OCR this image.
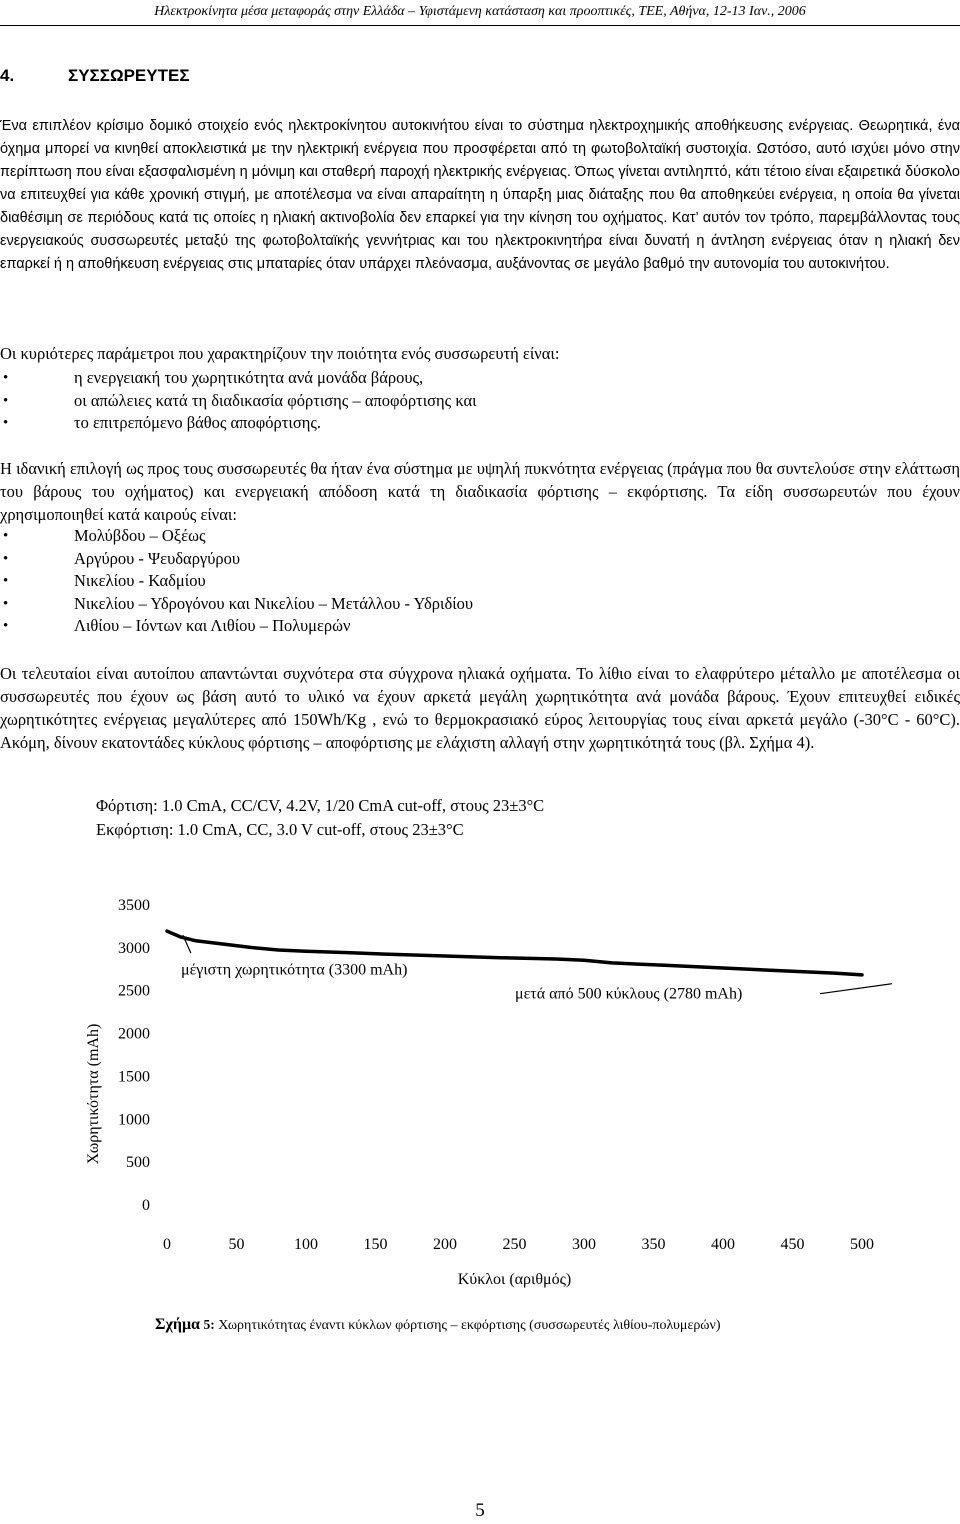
Ηλεκτροκίνητα μέσα μεταφοράς στην Ελλάδα – Υφιστάμενη κατάσταση και προοπτικές, ΤΕΕ, Αθήνα, 12-13 Ιαν., 2006
4.	ΣΥΣΣΩΡΕΥΤΕΣ

Ένα επιπλέον κρίσιμο δομικό στοιχείο ενός ηλεκτροκίνητου αυτοκινήτου είναι το σύστημα ηλεκτροχημικής αποθήκευσης ενέργειας. Θεωρητικά, ένα όχημα μπορεί να κινηθεί αποκλειστικά με την ηλεκτρική ενέργεια που προσφέρεται από τη φωτοβολταϊκή συστοιχία. Ωστόσο, αυτό ισχύει μόνο στην περίπτωση που είναι εξασφαλισμένη η μόνιμη και σταθερή παροχή ηλεκτρικής ενέργειας. Όπως γίνεται αντιληπτό, κάτι τέτοιο είναι εξαιρετικά δύσκολο να επιτευχθεί για κάθε χρονική στιγμή, με αποτέλεσμα να είναι απαραίτητη η ύπαρξη μιας διάταξης που θα αποθηκεύει ενέργεια, η οποία θα γίνεται διαθέσιμη σε περιόδους κατά τις οποίες η ηλιακή ακτινοβολία δεν επαρκεί για την κίνηση του οχήματος. Κατ’ αυτόν τον τρόπο, παρεμβάλλοντας τους ενεργειακούς συσσωρευτές μεταξύ της φωτοβολταϊκής γεννήτριας και του ηλεκτροκινητήρα είναι δυνατή η άντληση ενέργειας όταν η ηλιακή δεν επαρκεί ή η αποθήκευση ενέργειας στις μπαταρίες όταν υπάρχει πλεόνασμα, αυξάνοντας σε μεγάλο βαθμό την αυτονομία του αυτοκινήτου.

Οι κυριότερες παράμετροι που χαρακτηρίζουν την ποιότητα ενός συσσωρευτή είναι:

•	η ενεργειακή του χωρητικότητα ανά μονάδα βάρους,
•	οι απώλειες κατά τη διαδικασία φόρτισης – αποφόρτισης και
•	το επιτρεπόμενο βάθος αποφόρτισης.

Η ιδανική επιλογή ως προς τους συσσωρευτές θα ήταν ένα σύστημα με υψηλή πυκνότητα ενέργειας (πράγμα που θα συντελούσε στην ελάττωση του βάρους του οχήματος) και ενεργειακή απόδοση κατά τη διαδικασία φόρτισης – εκφόρτισης. Τα είδη συσσωρευτών που έχουν χρησιμοποιηθεί κατά καιρούς είναι:

•	Μολύβδου – Οξέως
•	Αργύρου - Ψευδαργύρου
•	Νικελίου - Καδμίου
•	Νικελίου – Υδρογόνου και Νικελίου – Μετάλλου - Υδριδίου
•	Λιθίου – Ιόντων και Λιθίου – Πολυμερών

Οι τελευταίοι είναι αυτοίπου απαντώνται συχνότερα στα σύγχρονα ηλιακά οχήματα. Το λίθιο είναι το ελαφρύτερο μέταλλο με αποτέλεσμα οι συσσωρευτές που έχουν ως βάση αυτό το υλικό να έχουν αρκετά μεγάλη χωρητικότητα ανά μονάδα βάρους. Έχουν επιτευχθεί ειδικές χωρητικότητες ενέργειας μεγαλύτερες από 150Wh/Kg , ενώ το θερμοκρασιακό εύρος λειτουργίας τους είναι αρκετά μεγάλο (-30°C - 60°C). Ακόμη, δίνουν εκατοντάδες κύκλους φόρτισης – αποφόρτισης με ελάχιστη αλλαγή στην χωρητικότητά τους (βλ. Σχήμα 4).

Φόρτιση: 1.0 CmA, CC/CV, 4.2V, 1/20 CmA cut-off, στους 23±3°C
Εκφόρτιση: 1.0 CmA, CC, 3.0 V cut-off, στους 23±3°C
0
500
1000
1500
2000
2500
3000
3500
0	50	100	150	200	250	300	350	400	450	500
Κύκλοι (αριθμός)
Χωρητικότητα (mAh)
μέγιστη χωρητικότητα (3300 mAh)
μετά από 500 κύκλους (2780 mAh)
Σχήμα 5: Χωρητικότητας έναντι κύκλων φόρτισης – εκφόρτισης (συσσωρευτές λιθίου-πολυμερών)
5
